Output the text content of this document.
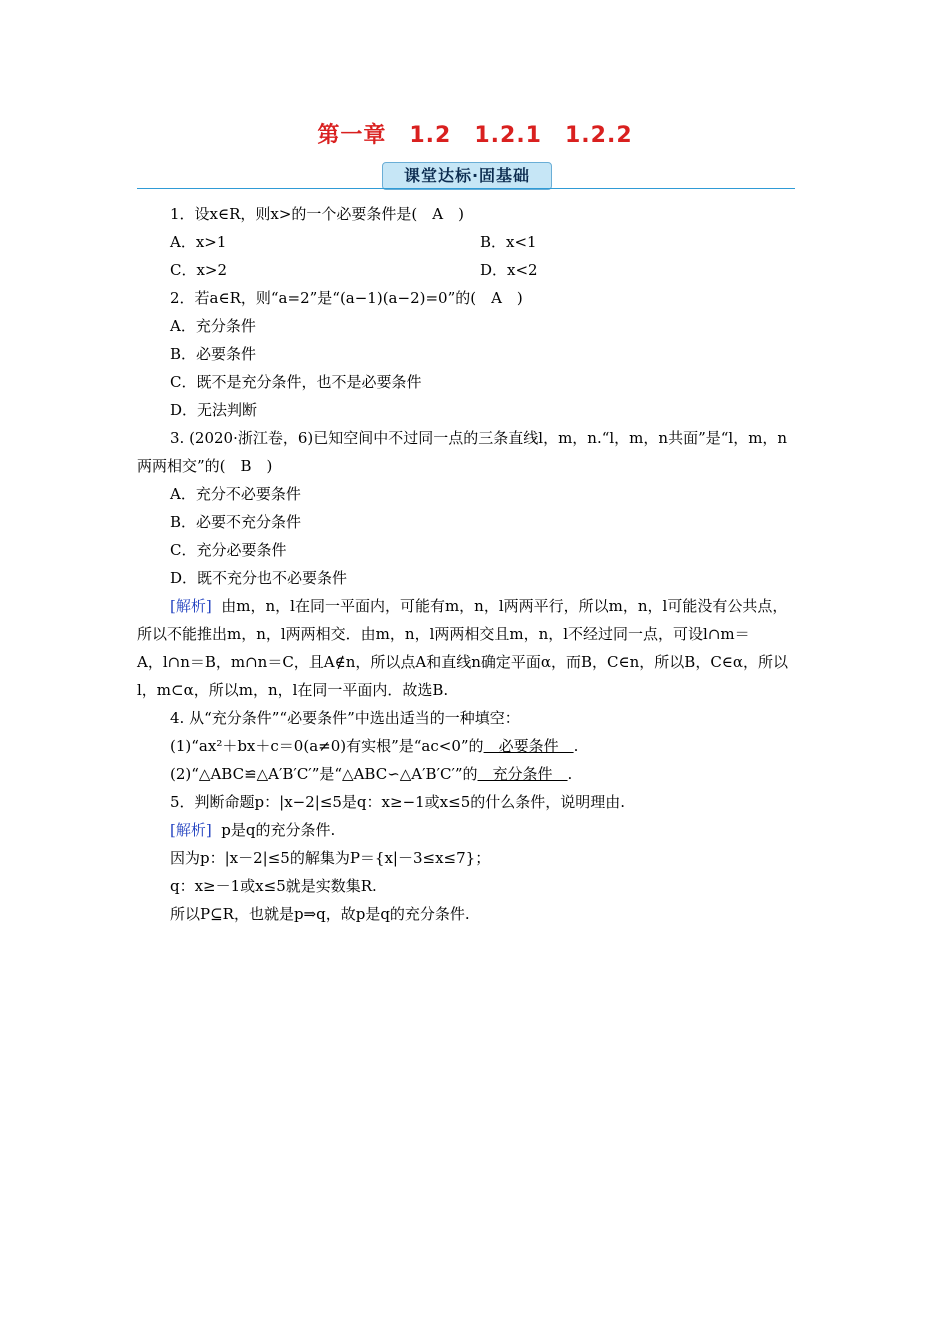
第一章　1.2　1.2.1　1.2.2
课堂达标·固基础
1．设x∈R，则x>的一个必要条件是(　A　)
A．x>1	B．x<1
C．x>2	D．x<2
2．若a∈R，则“a=2”是“(a−1)(a−2)=0”的(　A　)
A．充分条件
B．必要条件
C．既不是充分条件，也不是必要条件
D．无法判断
3. (2020·浙江卷，6)已知空间中不过同一点的三条直线l，m，n.“l，m，n共面”是“l，m，n
两两相交”的(　B　)
A．充分不必要条件
B．必要不充分条件
C．充分必要条件
D．既不充分也不必要条件
[解析] 由m，n，l在同一平面内，可能有m，n，l两两平行，所以m，n，l可能没有公共点，
所以不能推出m，n，l两两相交．由m，n，l两两相交且m，n，l不经过同一点，可设l∩m＝
A，l∩n＝B，m∩n＝C，且A∉n，所以点A和直线n确定平面α，而B，C∈n，所以B，C∈α，所以
l，m⊂α，所以m，n，l在同一平面内．故选B.
4. 从“充分条件”“必要条件”中选出适当的一种填空：
(1)“ax²＋bx＋c＝0(a≠0)有实根”是“ac<0”的　必要条件　.
(2)“△ABC≌△A′B′C′”是“△ABC∽△A′B′C′”的　充分条件　.
5．判断命题p：|x−2|≤5是q：x≥−1或x≤5的什么条件，说明理由.
[解析] p是q的充分条件.
因为p：|x－2|≤5的解集为P＝{x|－3≤x≤7}；
q：x≥－1或x≤5就是实数集R.
所以P⊆R，也就是p⇒q，故p是q的充分条件.
